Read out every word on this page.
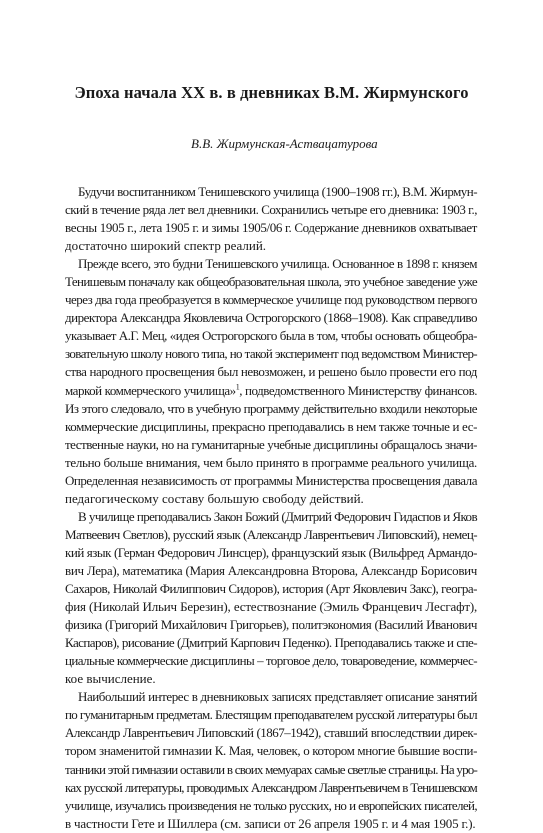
Эпоха начала XX в. в дневниках В.М. Жирмунского

В.В. Жирмунская-Аствацатурова

Будучи воспитанником Тенишевского училища (1900–1908 гг.), В.М. Жирмун-
ский в течение ряда лет вел дневники. Сохранились четыре его дневника: 1903 г.,
весны 1905 г., лета 1905 г. и зимы 1905/06 г. Содержание дневников охватывает
достаточно широкий спектр реалий.
Прежде всего, это будни Тенишевского училища. Основанное в 1898 г. князем
Тенишевым поначалу как общеобразовательная школа, это учебное заведение уже
через два года преобразуется в коммерческое училище под руководством первого
директора Александра Яковлевича Острогорского (1868–1908). Как справедливо
указывает А.Г. Мец, «идея Острогорского была в том, чтобы основать общеобра-
зовательную школу нового типа, но такой эксперимент под ведомством Министер-
ства народного просвещения был невозможен, и решено было провести его под
маркой коммерческого училища»$^1$, подведомственного Министерству финансов.
Из этого следовало, что в учебную программу действительно входили некоторые
коммерческие дисциплины, прекрасно преподавались в нем также точные и ес-
тественные науки, но на гуманитарные учебные дисциплины обращалось значи-
тельно больше внимания, чем было принято в программе реального училища.
Определенная независимость от программы Министерства просвещения давала
педагогическому составу большую свободу действий.
В училище преподавались Закон Божий (Дмитрий Федорович Гидаспов и Яков
Матвеевич Светлов), русский язык (Александр Лаврентьевич Липовский), немец-
кий язык (Герман Федорович Линсцер), французский язык (Вильфред Армандо-
вич Лера), математика (Мария Александровна Второва, Александр Борисович
Сахаров, Николай Филиппович Сидоров), история (Арт Яковлевич Закс), геогра-
фия (Николай Ильич Березин), естествознание (Эмиль Францевич Лесгафт),
физика (Григорий Михайлович Григорьев), политэкономия (Василий Иванович
Каспаров), рисование (Дмитрий Карпович Педенко). Преподавались также и спе-
циальные коммерческие дисциплины – торговое дело, товароведение, коммерчес-
кое вычисление.
Наибольший интерес в дневниковых записях представляет описание занятий
по гуманитарным предметам. Блестящим преподавателем русской литературы был
Александр Лаврентьевич Липовский (1867–1942), ставший впоследствии дирек-
тором знаменитой гимназии К. Мая, человек, о котором многие бывшие воспи-
танники этой гимназии оставили в своих мемуарах самые светлые страницы. На уро-
ках русской литературы, проводимых Александром Лаврентьевичем в Тенишевском
училище, изучались произведения не только русских, но и европейских писателей,
в частности Гете и Шиллера (см. записи от 26 апреля 1905 г. и 4 мая 1905 г.).
